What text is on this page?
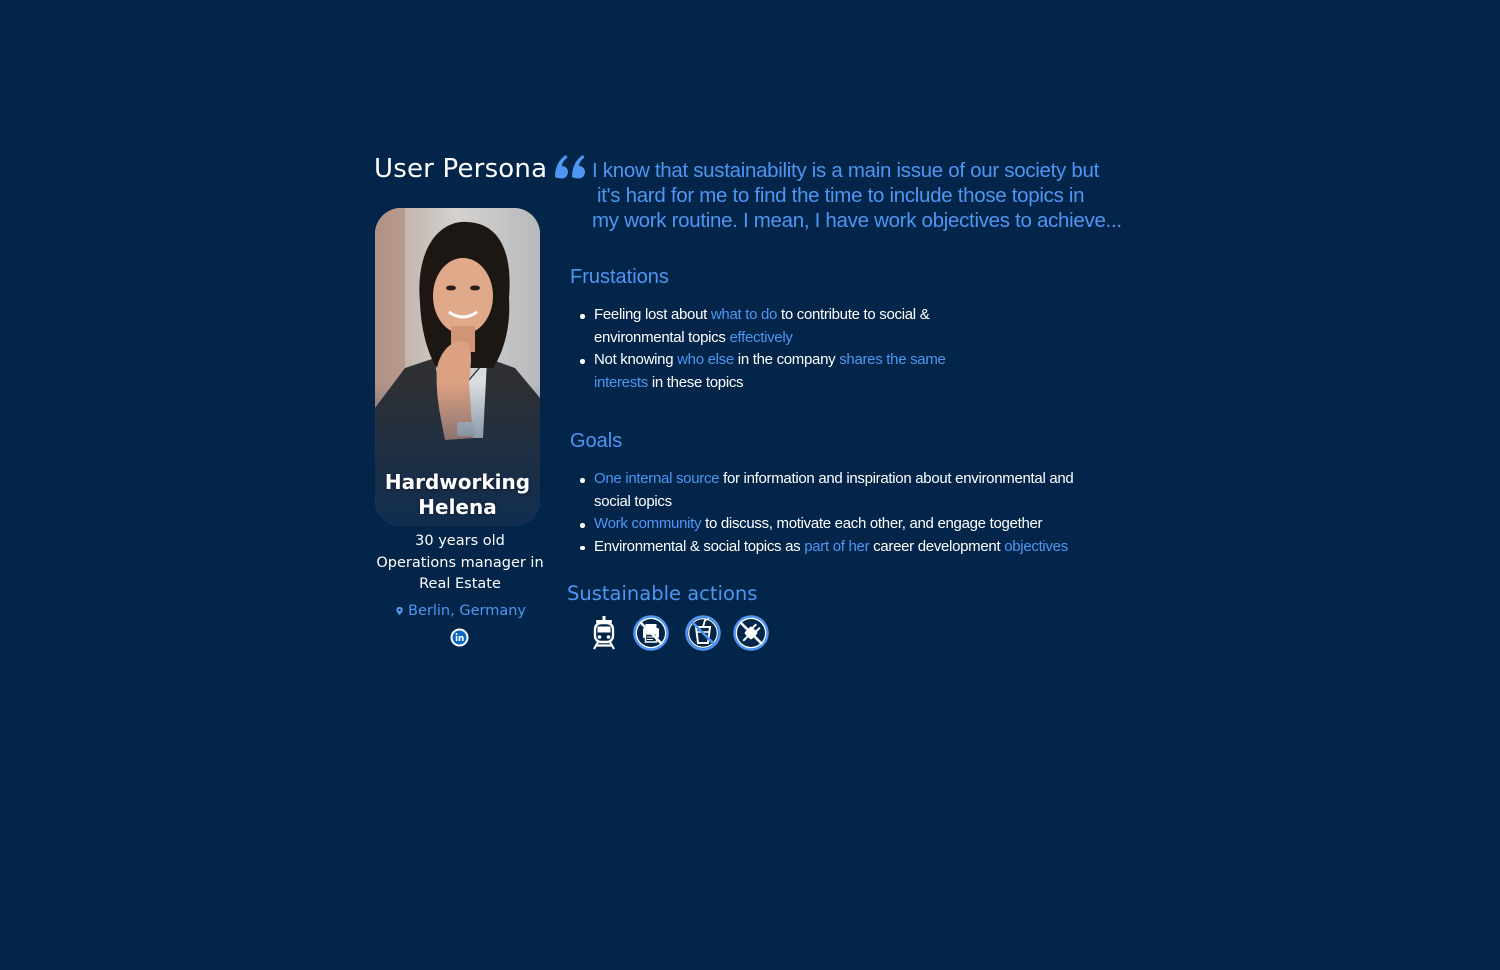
User Persona
Hardworking
Helena
30 years old
Operations manager in
Real Estate
Berlin, Germany
I know that sustainability is a main issue of our society but
it's hard for me to find the time to include those topics in
my work routine. I mean, I have work objectives to achieve...
Frustations
Feeling lost about what to do to contribute to social &
environmental topics effectively
Not knowing who else in the company shares the same
interests in these topics
Goals
One internal source for information and inspiration about environmental and
social topics
Work community to discuss, motivate each other, and engage together
Environmental & social topics as part of her career development objectives
Sustainable actions
